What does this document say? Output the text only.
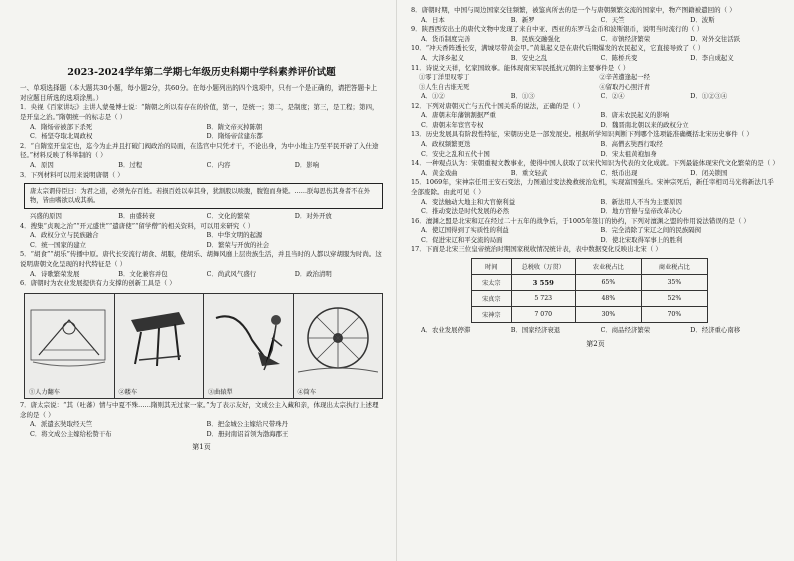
2023-2024学年第二学期七年级历史科期中学科素养评价试题
一、单项选择题（本大题共30小题，每小题2分，共60分。在每小题列出的四个选项中，只有一个是正确的，请把答题卡上对应题目所选的选项涂黑。）

1．央视《百家讲坛》主讲人蒙曼博士说：“隋朝之所以有存在的价值，第一，是统一；第二，是制度；第三，是工程；第四，是开皇之治。”隋朝统一的标志是（ ）

A．隋炀帝被部下杀死	B．隋文帝灭掉陈朝
C．杨坚夺取北周政权	D．隋炀帝营建东都

2．“自隋室开皇定也，迄今为止并且打破门阀政治的局面，在选官中只凭才干，不论出身，为中小地主乃至平民开辟了入仕途径。”材料反映了科举制的（ ）

A．原因	B．过程	C．内容	D．影响

3．下列材料可以用来说明唐朝（ ）

唐太宗谓侍臣曰：为君之道，必须先存百姓。若损百姓以奉其身，犹割股以啖腹，腹饱而身毙。……朕每思伤其身者不在外物，皆由嗜欲以成其祸。
兴盛的原因	B．由盛转衰	C．文化的繁荣	D．对外开放

4．搜集“贞观之治”“开元盛世”“遣唐使”“留学僧”的相关资料，可以用来研究（ ）

A．政权分立与民族融合	B．中华文明的起源
C．统一国家的建立	D．繁荣与开放的社会

5．“胡食”“胡乐”传播中原。唐代长安流行胡食、胡服，使胡乐、胡舞风靡上层贵族生活，并且当时的人都以穿胡服为时尚。这说明唐朝文化呈现的时代特征是（ ）

A．诗歌繁荣发展	B．文化兼容并包	C．尚武风气盛行	D．政治清明

6．唐朝时为农业发展提供有力支撑的创新工具是（ ）

①人力翻车	②耧车	③曲辕犁	④筒车

7．唐太宗说：“其（吐蕃）情与中夏不殊……隋则其无过家一家。”为了表示友好，文成公主入藏和亲，体现出太宗执行上述理念的是（ ）

A．派遣玄奘取经天竺	B．把金城公主嫁给尺带珠丹
C．将文成公主嫁给松赞干布	D．册封南诏首领为渤海郡王
第1页

8．唐朝时期，中国与周边国家交往频繁，被鉴真所去的是一个与唐朝频繁交流的国家中，物产图籍被遣回的（ ）

A．日本	B．新罗	C．天竺	D．波斯

9．陕西西安出土的唐代文物中发现了来自中亚、西亚的东罗马金币和波斯银币，说明当时流行的（ ）

A．货币制度完善	B．民族交融强化	C．市镇经济繁荣	D．对外交往活跃

10．“冲天香阵透长安，满城尽带黄金甲。”黄巢起义是在唐代后期爆发的农民起义，它直接导致了（ ）

A．大泽乡起义	B．安史之乱	C．陈桥兵变	D．李自成起义

11．诗说文天祥，忆家国故事。能体现南宋军民抵抗元朝的主要事件是（ ）

①零丁洋里叹零丁	②辛苦遭逢起一经
③人生自古谁无死	④留取丹心照汗青
A．①②	B．①③	C．②④	D．①②③④

12．下列对唐朝灭亡与五代十国关系的说法，正确的是（ ）

A．唐朝末年藩镇割据严重	B．唐末农民起义的影响
C．唐朝末年宦官专权	D．魏晋南北朝以来的政权分立

13．历史发展具有阶段性特征，宋朝历史是一部发展史。根据所学知识判断下列哪个选项能准确概括北宋历史事件（ ）

A．政权频繁更迭	B．高僧玄奘西行取经
C．安史之乱和五代十国	D．宋太祖黄袍加身

14．一种观点认为：宋朝重视文教事业，使得中国人获取了以宋代知识为代表的文化成就。下列最能体现宋代文化繁荣的是（ ）

A．黄金戏曲	B．重文轻武	C．纸币出现	D．闭关锁国

15．1069年，宋神宗任用王安石变法，力图通过变法挽救统治危机，实现富国强兵。宋神宗死后，新任宰相司马光将新法几乎全部废除。由此可见（ ）

A．变法触动大地主和大官僚利益	B．新法用人不当为主要原因
C．推动变法是时代发展的必然	D．地方官僚与皇帝改革决心

16．澶渊之盟是北宋和辽在经过二十五年的战争后，于1005年签订的协约，下列对澶渊之盟的作用说法错误的是（ ）

A．使辽国得到了实质性的利益	B．完全消除了宋辽之间的民族隔阂
C．促进宋辽和平交流的局面	D．使北宋取得军事上的胜利

17．下面是北宋三位皇帝统治时期国家税收情况统计表，表中数据变化反映出北宋（ ）

时间	总税收（万贯）	农业税占比	商业税占比
宋太宗	3 559	65%	35%
宋真宗	5 723	48%	52%
宋神宗	7 070	30%	70%
A．农业发展停滞	B．国家经济衰退	C．商品经济繁荣	D．经济重心南移
第2页
